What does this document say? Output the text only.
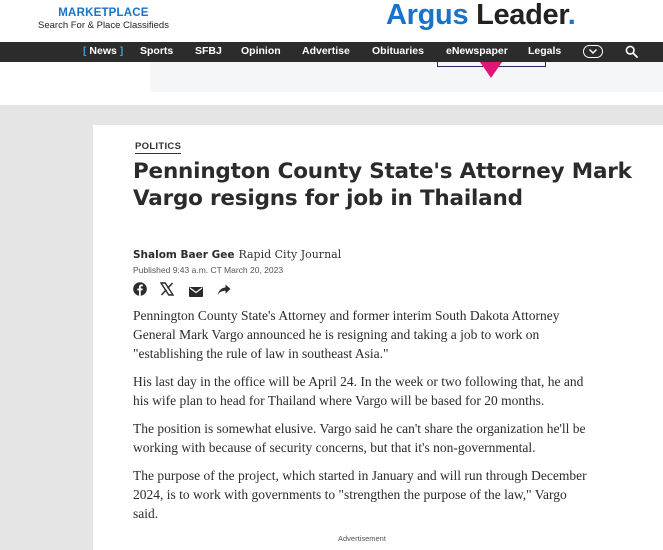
MARKETPLACE
Search For & Place Classifieds	Argus Leader.
[ News ] Sports SFBJ Opinion Advertise Obituaries eNewspaper Legals
POLITICS
Pennington County State's Attorney Mark Vargo resigns for job in Thailand
Shalom Baer Gee Rapid City Journal
Published 9:43 a.m. CT March 20, 2023

Pennington County State's Attorney and former interim South Dakota Attorney General Mark Vargo announced he is resigning and taking a job to work on "establishing the rule of law in southeast Asia."

His last day in the office will be April 24. In the week or two following that, he and his wife plan to head for Thailand where Vargo will be based for 20 months.

The position is somewhat elusive. Vargo said he can't share the organization he'll be working with because of security concerns, but that it's non-governmental.

The purpose of the project, which started in January and will run through December 2024, is to work with governments to "strengthen the purpose of the law," Vargo said.

Advertisement
